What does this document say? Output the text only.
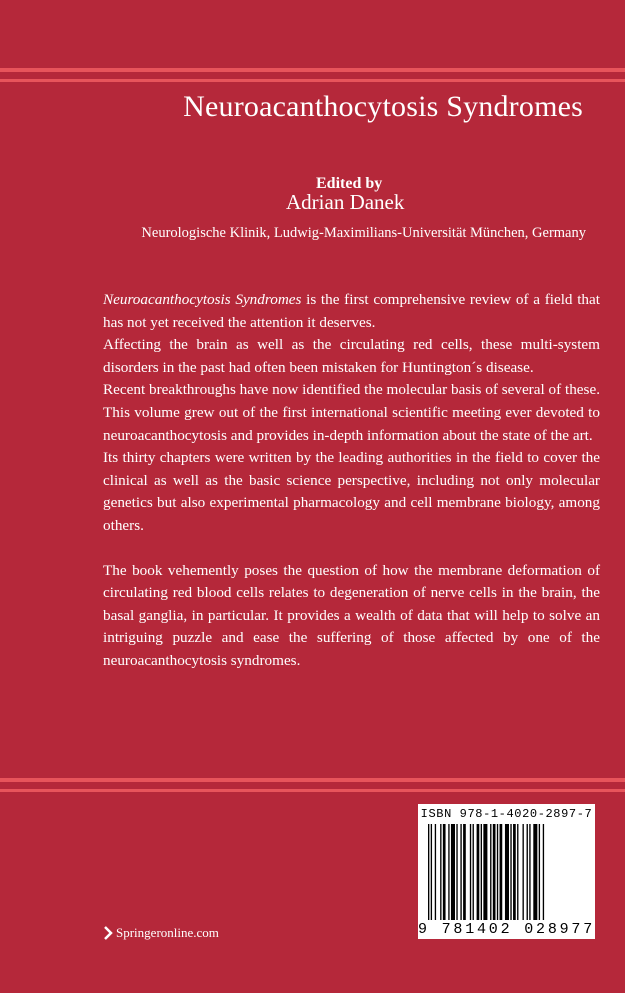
Neuroacanthocytosis Syndromes
Edited by
Adrian Danek
Neurologische Klinik, Ludwig-Maximilians-Universität München, Germany

Neuroacanthocytosis Syndromes is the first comprehensive review of a field that has not yet received the attention it deserves.

Affecting the brain as well as the circulating red cells, these multi-system disorders in the past had often been mistaken for Huntington´s disease.

Recent breakthroughs have now identified the molecular basis of several of these. This volume grew out of the first international scientific meeting ever devoted to neuroacanthocytosis and provides in-depth information about the state of the art.

Its thirty chapters were written by the leading authorities in the field to cover the clinical as well as the basic science perspective, including not only molecular genetics but also experimental pharmacology and cell membrane biology, among others.

The book vehemently poses the question of how the membrane deformation of circulating red blood cells relates to degeneration of nerve cells in the brain, the basal ganglia, in particular. It provides a wealth of data that will help to solve an intriguing puzzle and ease the suffering of those affected by one of the neuroacanthocytosis syndromes.

ISBN 978-1-4020-2897-7
9 781402 028977
Springeronline.com
